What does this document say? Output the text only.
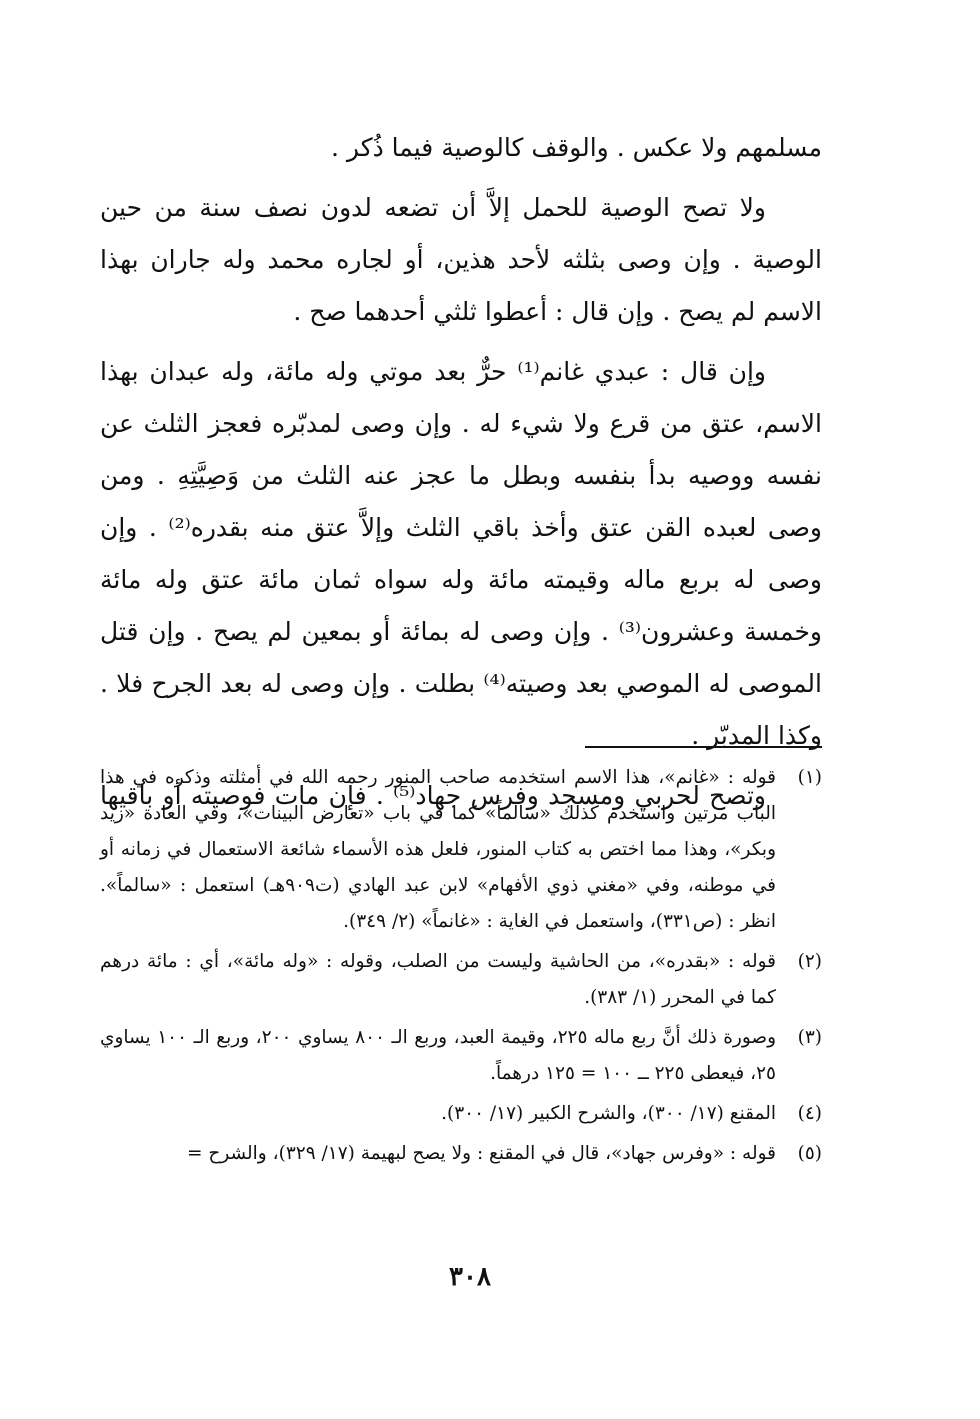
مسلمهم ولا عكس . والوقف كالوصية فيما ذُكر .

ولا تصح الوصية للحمل إلاَّ أن تضعه لدون نصف سنة من حين الوصية . وإن وصى بثلثه لأحد هذين، أو لجاره محمد وله جاران بهذا الاسم لم يصح . وإن قال : أعطوا ثلثي أحدهما صح .

وإن قال : عبدي غانم⁽¹⁾ حرٌّ بعد موتي وله مائة، وله عبدان بهذا الاسم، عتق من قرع ولا شيء له . وإن وصى لمدبّره فعجز الثلث عن نفسه ووصيه بدأ بنفسه وبطل ما عجز عنه الثلث من وَصِيَّتِهِ . ومن وصى لعبده القن عتق وأخذ باقي الثلث وإلاَّ عتق منه بقدره⁽²⁾ . وإن وصى له بربع ماله وقيمته مائة وله سواه ثمان مائة عتق وله مائة وخمسة وعشرون⁽³⁾ . وإن وصى له بمائة أو بمعين لم يصح . وإن قتل الموصى له الموصي بعد وصيته⁽⁴⁾ بطلت . وإن وصى له بعد الجرح فلا . وكذا المدبّر .

وتصح لحربي ومسجد وفرس جهاد⁽⁵⁾ . فإن مات فوصيته أو باقيها

(١)
قوله : «غانم»، هذا الاسم استخدمه صاحب المنور رحمه الله في أمثلته وذكره في هذا الباب مرتين واستخدم كذلك «سالماً» كما في باب «تعارض البينات»، وفي العادة «زيد وبكر»، وهذا مما اختص به كتاب المنور، فلعل هذه الأسماء شائعة الاستعمال في زمانه أو في موطنه، وفي «مغني ذوي الأفهام» لابن عبد الهادي (ت٩٠٩هـ) استعمل : «سالماً». انظر : (ص٣٣١)، واستعمل في الغاية : «غانماً» (٢/ ٣٤٩).
(٢)
قوله : «بقدره»، من الحاشية وليست من الصلب، وقوله : «وله مائة»، أي : مائة درهم كما في المحرر (١/ ٣٨٣).
(٣)
وصورة ذلك أنَّ ربع ماله ٢٢٥، وقيمة العبد، وربع الـ ٨٠٠ يساوي ٢٠٠، وربع الـ ١٠٠ يساوي ٢٥، فيعطى ٢٢٥ ــ ١٠٠ = ١٢٥ درهماً.
(٤)
المقنع (١٧/ ٣٠٠)، والشرح الكبير (١٧/ ٣٠٠).
(٥)
قوله : «وفرس جهاد»، قال في المقنع : ولا يصح لبهيمة (١٧/ ٣٢٩)، والشرح =
٣٠٨
